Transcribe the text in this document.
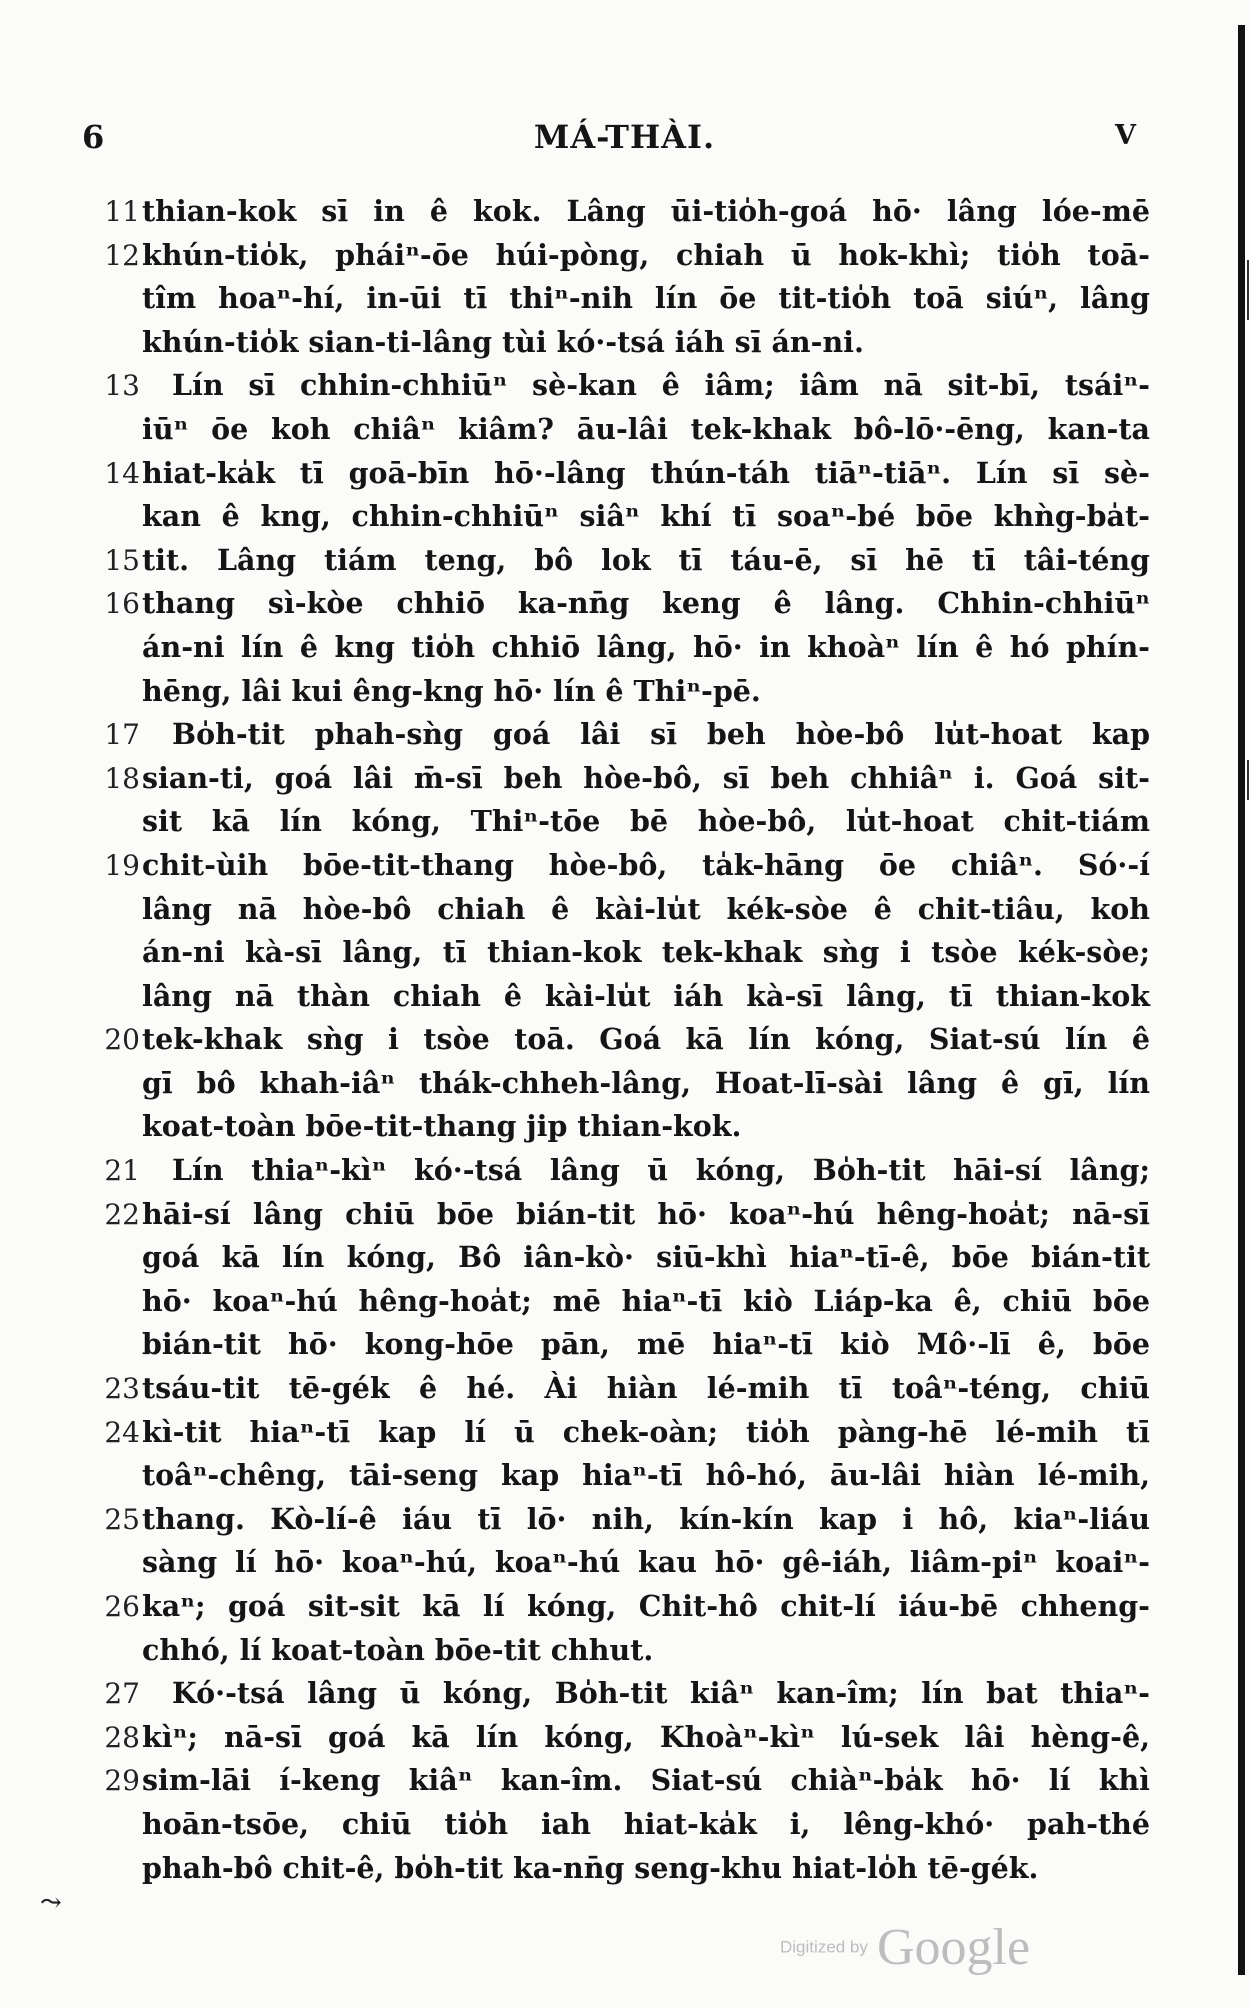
6	MÁ-THÀI.	V
11 thian-kok sī in ê kok. Lâng ūi-tio̍h-goá hō· lâng lóe-mē
12 khún-tio̍k, pháiⁿ-ōe húi-pòng, chiah ū hok-khì; tio̍h toā-
tîm hoaⁿ-hí, in-ūi tī thiⁿ-nih lín ōe tit-tio̍h toā siúⁿ, lâng
khún-tio̍k sian-ti-lâng tùi kó·-tsá iáh sī án-ni.
13 Lín sī chhin-chhiūⁿ sè-kan ê iâm; iâm nā sit-bī, tsáiⁿ-
iūⁿ ōe koh chiâⁿ kiâm? āu-lâi tek-khak bô-lō·-ēng, kan-ta
14 hiat-ka̍k tī goā-bīn hō·-lâng thún-táh tiāⁿ-tiāⁿ. Lín sī sè-
kan ê kng, chhin-chhiūⁿ siâⁿ khí tī soaⁿ-bé bōe khǹg-ba̍t-
15 tit. Lâng tiám teng, bô lok tī táu-ē, sī hē tī tâi-téng
16 thang sì-kòe chhiō ka-nn̄g keng ê lâng. Chhin-chhiūⁿ
án-ni lín ê kng tio̍h chhiō lâng, hō· in khoàⁿ lín ê hó phín-
hēng, lâi kui êng-kng hō· lín ê Thiⁿ-pē.
17 Bo̍h-tit phah-sǹg goá lâi sī beh hòe-bô lu̍t-hoat kap
18 sian-ti, goá lâi m̄-sī beh hòe-bô, sī beh chhiâⁿ i. Goá sit-
sit kā lín kóng, Thiⁿ-tōe bē hòe-bô, lu̍t-hoat chit-tiám
19 chit-ùih bōe-tit-thang hòe-bô, ta̍k-hāng ōe chiâⁿ. Só·-í
lâng nā hòe-bô chiah ê kài-lu̍t kék-sòe ê chit-tiâu, koh
án-ni kà-sī lâng, tī thian-kok tek-khak sǹg i tsòe kék-sòe;
lâng nā thàn chiah ê kài-lu̍t iáh kà-sī lâng, tī thian-kok
20 tek-khak sǹg i tsòe toā. Goá kā lín kóng, Siat-sú lín ê
gī bô khah-iâⁿ thák-chheh-lâng, Hoat-lī-sài lâng ê gī, lín
koat-toàn bōe-tit-thang jip thian-kok.
21 Lín thiaⁿ-kìⁿ kó·-tsá lâng ū kóng, Bo̍h-tit hāi-sí lâng;
22 hāi-sí lâng chiū bōe bián-tit hō· koaⁿ-hú hêng-hoa̍t; nā-sī
goá kā lín kóng, Bô iân-kò· siū-khì hiaⁿ-tī-ê, bōe bián-tit
hō· koaⁿ-hú hêng-hoa̍t; mē hiaⁿ-tī kiò Liáp-ka ê, chiū bōe
bián-tit hō· kong-hōe pān, mē hiaⁿ-tī kiò Mô·-lī ê, bōe
23 tsáu-tit tē-gék ê hé. Ài hiàn lé-mih tī toâⁿ-téng, chiū
24 kì-tit hiaⁿ-tī kap lí ū chek-oàn; tio̍h pàng-hē lé-mih tī
toâⁿ-chêng, tāi-seng kap hiaⁿ-tī hô-hó, āu-lâi hiàn lé-mih,
25 thang. Kò-lí-ê iáu tī lō· nih, kín-kín kap i hô, kiaⁿ-liáu
sàng lí hō· koaⁿ-hú, koaⁿ-hú kau hō· gê-iáh, liâm-piⁿ koaiⁿ-
26 kaⁿ; goá sit-sit kā lí kóng, Chit-hô chit-lí iáu-bē chheng-
chhó, lí koat-toàn bōe-tit chhut.
27 Kó·-tsá lâng ū kóng, Bo̍h-tit kiâⁿ kan-îm; lín bat thiaⁿ-
28 kìⁿ; nā-sī goá kā lín kóng, Khoàⁿ-kìⁿ lú-sek lâi hèng-ê,
29 sim-lāi í-keng kiâⁿ kan-îm. Siat-sú chiàⁿ-ba̍k hō· lí khì
hoān-tsōe, chiū tio̍h iah hiat-ka̍k i, lêng-khó· pah-thé
phah-bô chit-ê, bo̍h-tit ka-nn̄g seng-khu hiat-lo̍h tē-gék.
⤳
Digitized by Google
